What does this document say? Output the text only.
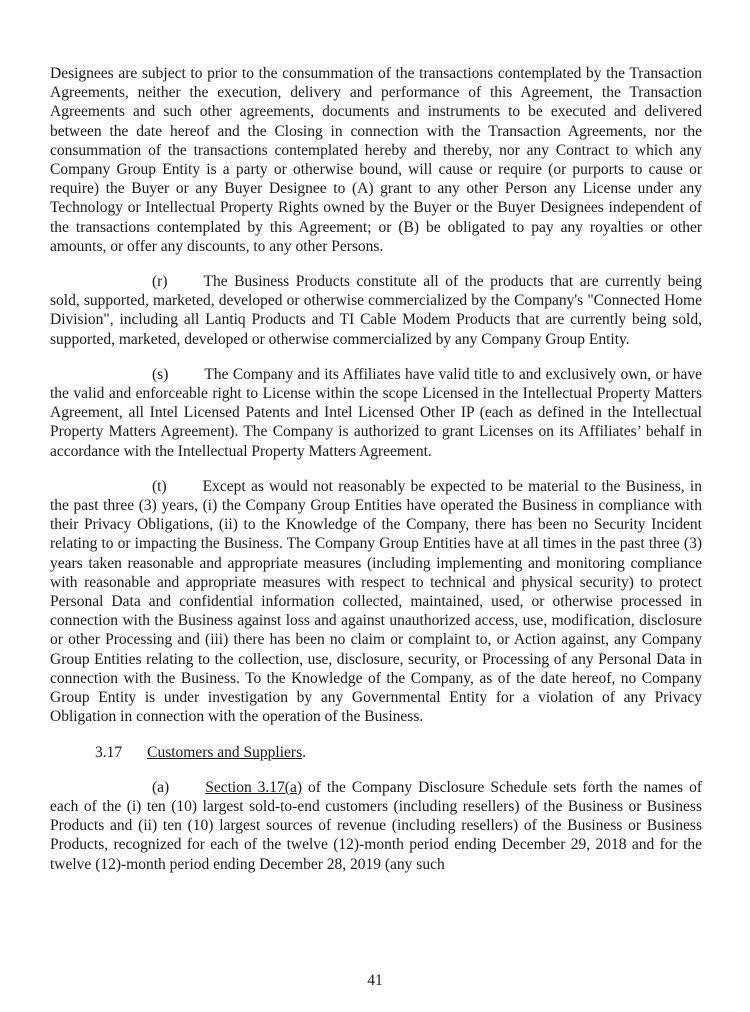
Designees are subject to prior to the consummation of the transactions contemplated by the Transaction Agreements, neither the execution, delivery and performance of this Agreement, the Transaction Agreements and such other agreements, documents and instruments to be executed and delivered between the date hereof and the Closing in connection with the Transaction Agreements, nor the consummation of the transactions contemplated hereby and thereby, nor any Contract to which any Company Group Entity is a party or otherwise bound, will cause or require (or purports to cause or require) the Buyer or any Buyer Designee to (A) grant to any other Person any License under any Technology or Intellectual Property Rights owned by the Buyer or the Buyer Designees independent of the transactions contemplated by this Agreement; or (B) be obligated to pay any royalties or other amounts, or offer any discounts, to any other Persons.

(r) The Business Products constitute all of the products that are currently being sold, supported, marketed, developed or otherwise commercialized by the Company's "Connected Home Division", including all Lantiq Products and TI Cable Modem Products that are currently being sold, supported, marketed, developed or otherwise commercialized by any Company Group Entity.

(s) The Company and its Affiliates have valid title to and exclusively own, or have the valid and enforceable right to License within the scope Licensed in the Intellectual Property Matters Agreement, all Intel Licensed Patents and Intel Licensed Other IP (each as defined in the Intellectual Property Matters Agreement). The Company is authorized to grant Licenses on its Affiliates’ behalf in accordance with the Intellectual Property Matters Agreement.

(t) Except as would not reasonably be expected to be material to the Business, in the past three (3) years, (i) the Company Group Entities have operated the Business in compliance with their Privacy Obligations, (ii) to the Knowledge of the Company, there has been no Security Incident relating to or impacting the Business. The Company Group Entities have at all times in the past three (3) years taken reasonable and appropriate measures (including implementing and monitoring compliance with reasonable and appropriate measures with respect to technical and physical security) to protect Personal Data and confidential information collected, maintained, used, or otherwise processed in connection with the Business against loss and against unauthorized access, use, modification, disclosure or other Processing and (iii) there has been no claim or complaint to, or Action against, any Company Group Entities relating to the collection, use, disclosure, security, or Processing of any Personal Data in connection with the Business. To the Knowledge of the Company, as of the date hereof, no Company Group Entity is under investigation by any Governmental Entity for a violation of any Privacy Obligation in connection with the operation of the Business.

3.17 Customers and Suppliers.

(a) Section 3.17(a) of the Company Disclosure Schedule sets forth the names of each of the (i) ten (10) largest sold-to-end customers (including resellers) of the Business or Business Products and (ii) ten (10) largest sources of revenue (including resellers) of the Business or Business Products, recognized for each of the twelve (12)-month period ending December 29, 2018 and for the twelve (12)-month period ending December 28, 2019 (any such

41
